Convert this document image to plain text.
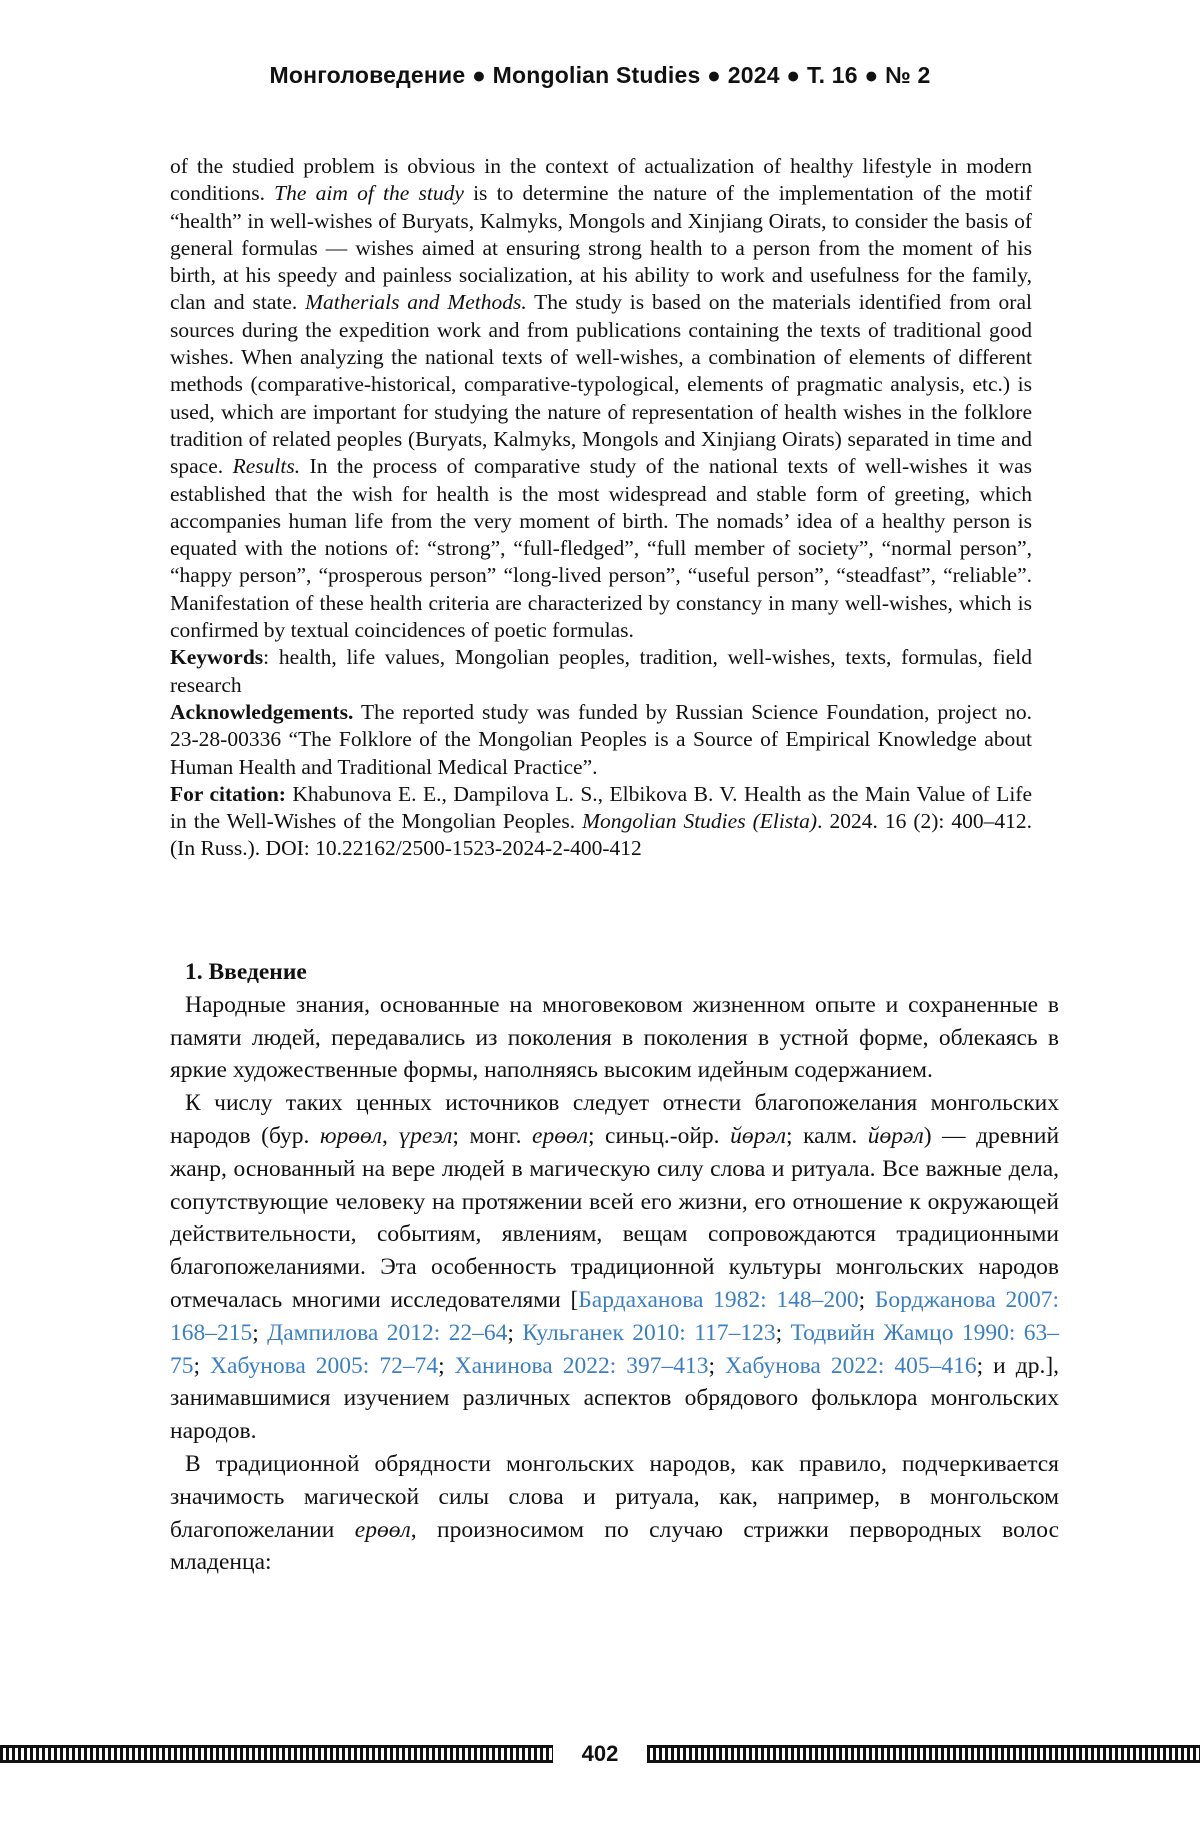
Монголоведение ● Mongolian Studies ● 2024 ● Т. 16 ● № 2

of the studied problem is obvious in the context of actualization of healthy lifestyle in modern conditions. The aim of the study is to determine the nature of the implementation of the motif “health” in well-wishes of Buryats, Kalmyks, Mongols and Xinjiang Oirats, to consider the basis of general formulas — wishes aimed at ensuring strong health to a person from the moment of his birth, at his speedy and painless socialization, at his ability to work and usefulness for the family, clan and state. Matherials and Methods. The study is based on the materials identified from oral sources during the expedition work and from publications containing the texts of traditional good wishes. When analyzing the national texts of well-wishes, a combination of elements of different methods (comparative-historical, comparative-typological, elements of pragmatic analysis, etc.) is used, which are important for studying the nature of representation of health wishes in the folklore tradition of related peoples (Buryats, Kalmyks, Mongols and Xinjiang Oirats) separated in time and space. Results. In the process of comparative study of the national texts of well-wishes it was established that the wish for health is the most widespread and stable form of greeting, which accompanies human life from the very moment of birth. The nomads’ idea of a healthy person is equated with the notions of: “strong”, “full-fledged”, “full member of society”, “normal person”, “happy person”, “prosperous person” “long-lived person”, “useful person”, “steadfast”, “reliable”. Manifestation of these health criteria are characterized by constancy in many well-wishes, which is confirmed by textual coincidences of poetic formulas.

Keywords: health, life values, Mongolian peoples, tradition, well-wishes, texts, formulas, field research

Acknowledgements. The reported study was funded by Russian Science Foundation, project no. 23-28-00336 “The Folklore of the Mongolian Peoples is a Source of Empirical Knowledge about Human Health and Traditional Medical Practice”.

For citation: Khabunova E. E., Dampilova L. S., Elbikova B. V. Health as the Main Value of Life in the Well-Wishes of the Mongolian Peoples. Mongolian Studies (Elista). 2024. 16 (2): 400–412. (In Russ.). DOI: 10.22162/2500-1523-2024-2-400-412

1. Введение

Народные знания, основанные на многовековом жизненном опыте и сохраненные в памяти людей, передавались из поколения в поколения в устной форме, облекаясь в яркие художественные формы, наполняясь высоким идейным содержанием.

К числу таких ценных источников следует отнести благопожелания монгольских народов (бур. юрөөл, үреэл; монг. ерөөл; синьц.-ойр. йөрәл; калм. йөрәл) — древний жанр, основанный на вере людей в магическую силу слова и ритуала. Все важные дела, сопутствующие человеку на протяжении всей его жизни, его отношение к окружающей действительности, событиям, явлениям, вещам сопровождаются традиционными благопожеланиями. Эта особенность традиционной культуры монгольских народов отмечалась многими исследователями [Бардаханова 1982: 148–200; Борджанова 2007: 168–215; Дампилова 2012: 22–64; Кульганек 2010: 117–123; Тодвийн Жамцо 1990: 63–75; Хабунова 2005: 72–74; Ханинова 2022: 397–413; Хабунова 2022: 405–416; и др.], занимавшимися изучением различных аспектов обрядового фольклора монгольских народов.

В традиционной обрядности монгольских народов, как правило, подчеркивается значимость магической силы слова и ритуала, как, например, в монгольском благопожелании ерөөл, произносимом по случаю стрижки первородных волос младенца:

402
